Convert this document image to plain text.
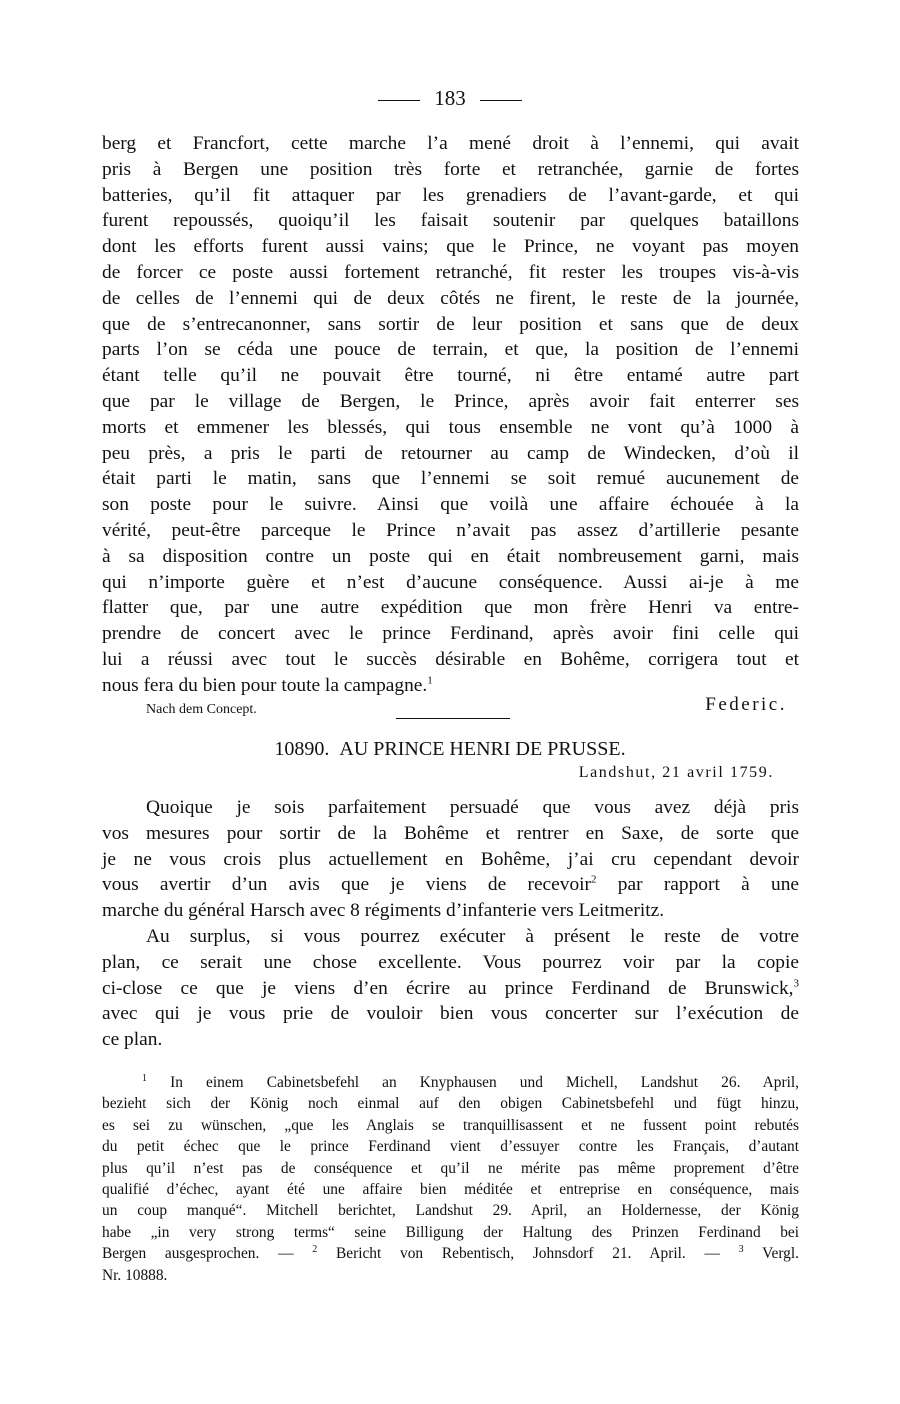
183
berg et Francfort, cette marche l’a mené droit à l’ennemi, qui avait
pris à Bergen une position très forte et retranchée, garnie de fortes
batteries, qu’il fit attaquer par les grenadiers de l’avant-garde, et qui
furent repoussés, quoiqu’il les faisait soutenir par quelques bataillons
dont les efforts furent aussi vains; que le Prince, ne voyant pas moyen
de forcer ce poste aussi fortement retranché, fit rester les troupes vis-à-vis
de celles de l’ennemi qui de deux côtés ne firent, le reste de la journée,
que de s’entrecanonner, sans sortir de leur position et sans que de deux
parts l’on se céda une pouce de terrain, et que, la position de l’ennemi
étant telle qu’il ne pouvait être tourné, ni être entamé autre part
que par le village de Bergen, le Prince, après avoir fait enterrer ses
morts et emmener les blessés, qui tous ensemble ne vont qu’à 1000 à
peu près, a pris le parti de retourner au camp de Windecken, d’où il
était parti le matin, sans que l’ennemi se soit remué aucunement de
son poste pour le suivre. Ainsi que voilà une affaire échouée à la
vérité, peut-être parceque le Prince n’avait pas assez d’artillerie pesante
à sa disposition contre un poste qui en était nombreusement garni, mais
qui n’importe guère et n’est d’aucune conséquence. Aussi ai-je à me
flatter que, par une autre expédition que mon frère Henri va entre-
prendre de concert avec le prince Ferdinand, après avoir fini celle qui
lui a réussi avec tout le succès désirable en Bohême, corrigera tout et
nous fera du bien pour toute la campagne.$^1$
Nach dem Concept.	Federic.
10890. AU PRINCE HENRI DE PRUSSE.
Landshut, 21 avril 1759.
Quoique je sois parfaitement persuadé que vous avez déjà pris
vos mesures pour sortir de la Bohême et rentrer en Saxe, de sorte que
je ne vous crois plus actuellement en Bohême, j’ai cru cependant devoir
vous avertir d’un avis que je viens de recevoir$^2$ par rapport à une
marche du général Harsch avec 8 régiments d’infanterie vers Leitmeritz.
Au surplus, si vous pourrez exécuter à présent le reste de votre
plan, ce serait une chose excellente. Vous pourrez voir par la copie
ci-close ce que je viens d’en écrire au prince Ferdinand de Brunswick,$^3$
avec qui je vous prie de vouloir bien vous concerter sur l’exécution de
ce plan.
$^1$ In einem Cabinetsbefehl an Knyphausen und Michell, Landshut 26. April,
bezieht sich der König noch einmal auf den obigen Cabinetsbefehl und fügt hinzu,
es sei zu wünschen, „que les Anglais se tranquillisassent et ne fussent point rebutés
du petit échec que le prince Ferdinand vient d’essuyer contre les Français, d’autant
plus qu’il n’est pas de conséquence et qu’il ne mérite pas même proprement d’être
qualifié d’échec, ayant été une affaire bien méditée et entreprise en conséquence, mais
un coup manqué“. Mitchell berichtet, Landshut 29. April, an Holdernesse, der König
habe „in very strong terms“ seine Billigung der Haltung des Prinzen Ferdinand bei
Bergen ausgesprochen. — $^2$ Bericht von Rebentisch, Johnsdorf 21. April. — $^3$ Vergl.
Nr. 10888.
